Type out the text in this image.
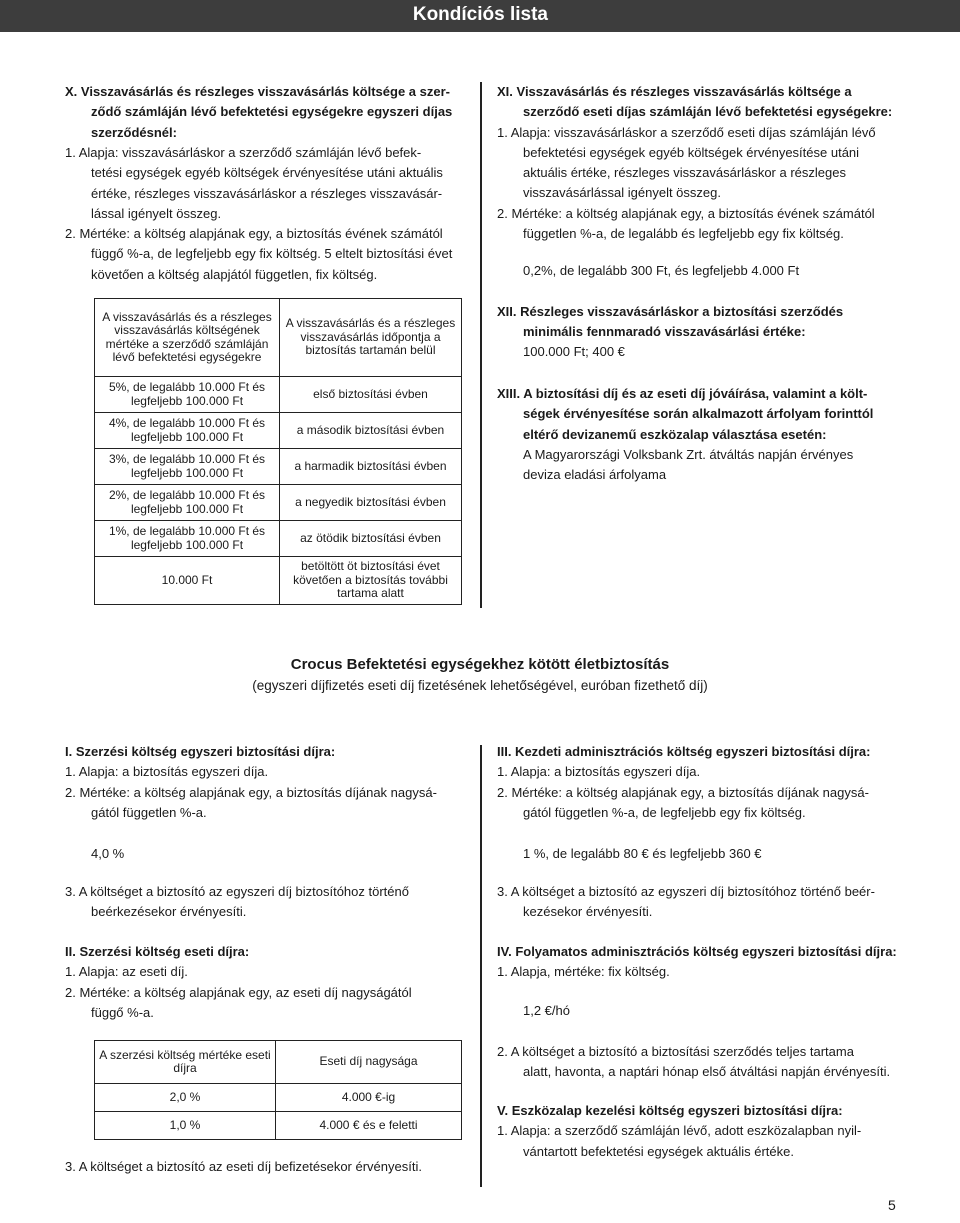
Kondíciós lista
X. Visszavásárlás és részleges visszavásárlás költsége a szer-
ződő számláján lévő befektetési egységekre egyszeri díjas
szerződésnél:
1. Alapja: visszavásárláskor a szerződő számláján lévő befek-
tetési egységek egyéb költségek érvényesítése utáni aktuális
értéke, részleges visszavásárláskor a részleges visszavásár-
lással igényelt összeg.
2. Mértéke: a költség alapjának egy, a biztosítás évének számától
függő %-a, de legfeljebb egy fix költség. 5 eltelt biztosítási évet
követően a költség alapjától független, fix költség.
A visszavásárlás és a részleges visszavásárlás költségének mértéke a szerződő számláján lévő befektetési egységekre	A visszavásárlás és a részleges visszavásárlás időpontja a biztosítás tartamán belül
5%, de legalább 10.000 Ft és legfeljebb 100.000 Ft	első biztosítási évben
4%, de legalább 10.000 Ft és legfeljebb 100.000 Ft	a második biztosítási évben
3%, de legalább 10.000 Ft és legfeljebb 100.000 Ft	a harmadik biztosítási évben
2%, de legalább 10.000 Ft és legfeljebb 100.000 Ft	a negyedik biztosítási évben
1%, de legalább 10.000 Ft és legfeljebb 100.000 Ft	az ötödik biztosítási évben
10.000 Ft	betöltött öt biztosítási évet követően a biztosítás további tartama alatt
XI. Visszavásárlás és részleges visszavásárlás költsége a
szerződő eseti díjas számláján lévő befektetési egységekre:
1. Alapja: visszavásárláskor a szerződő eseti díjas számláján lévő
befektetési egységek egyéb költségek érvényesítése utáni
aktuális értéke, részleges visszavásárláskor a részleges
visszavásárlással igényelt összeg.
2. Mértéke: a költség alapjának egy, a biztosítás évének számától
független %-a, de legalább és legfeljebb egy fix költség.
0,2%, de legalább 300 Ft, és legfeljebb 4.000 Ft
XII. Részleges visszavásárláskor a biztosítási szerződés
minimális fennmaradó visszavásárlási értéke:
100.000 Ft; 400 €
XIII. A biztosítási díj és az eseti díj jóváírása, valamint a költ-
ségek érvényesítése során alkalmazott árfolyam forinttól
eltérő devizanemű eszközalap választása esetén:
A Magyarországi Volksbank Zrt. átváltás napján érvényes
deviza eladási árfolyama
Crocus Befektetési egységekhez kötött életbiztosítás
(egyszeri díjfizetés eseti díj fizetésének lehetőségével, euróban fizethető díj)
I. Szerzési költség egyszeri biztosítási díjra:
1. Alapja: a biztosítás egyszeri díja.
2. Mértéke: a költség alapjának egy, a biztosítás díjának nagysá-
gától független %-a.
4,0 %
3. A költséget a biztosító az egyszeri díj biztosítóhoz történő
beérkezésekor érvényesíti.
II. Szerzési költség eseti díjra:
1. Alapja: az eseti díj.
2. Mértéke: a költség alapjának egy, az eseti díj nagyságától
függő %-a.
A szerzési költség mértéke eseti díjra	Eseti díj nagysága
2,0 %	4.000 €-ig
1,0 %	4.000 € és e feletti
3. A költséget a biztosító az eseti díj befizetésekor érvényesíti.
III. Kezdeti adminisztrációs költség egyszeri biztosítási díjra:
1. Alapja: a biztosítás egyszeri díja.
2. Mértéke: a költség alapjának egy, a biztosítás díjának nagysá-
gától független %-a, de legfeljebb egy fix költség.
1 %, de legalább 80 € és legfeljebb 360 €
3. A költséget a biztosító az egyszeri díj biztosítóhoz történő beér-
kezésekor érvényesíti.
IV. Folyamatos adminisztrációs költség egyszeri biztosítási díjra:
1. Alapja, mértéke: fix költség.
1,2 €/hó
2. A költséget a biztosító a biztosítási szerződés teljes tartama
alatt, havonta, a naptári hónap első átváltási napján érvényesíti.
V. Eszközalap kezelési költség egyszeri biztosítási díjra:
1. Alapja: a szerződő számláján lévő, adott eszközalapban nyil-
vántartott befektetési egységek aktuális értéke.
5
